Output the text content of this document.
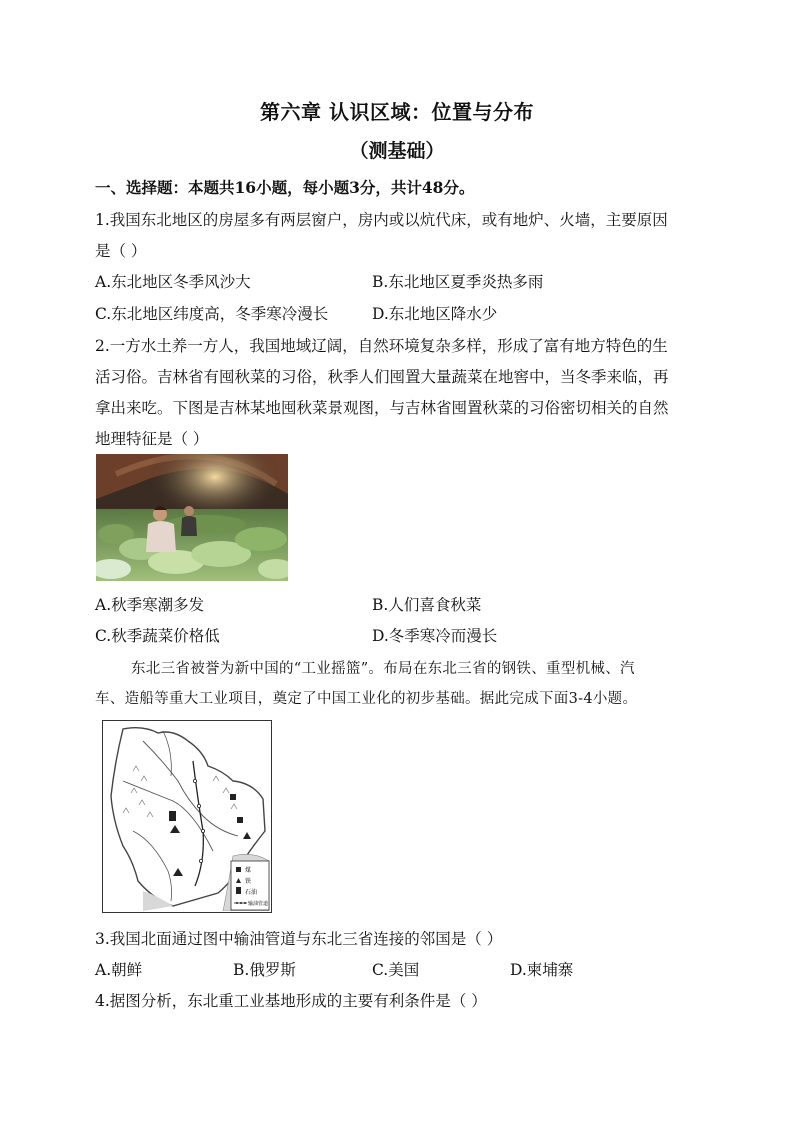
第六章 认识区域：位置与分布
（测基础）
一、选择题：本题共16小题，每小题3分，共计48分。
1.我国东北地区的房屋多有两层窗户，房内或以炕代床，或有地炉、火墙，主要原因
是（ ）
A.东北地区冬季风沙大	B.东北地区夏季炎热多雨
C.东北地区纬度高，冬季寒冷漫长	D.东北地区降水少
2.一方水土养一方人，我国地域辽阔，自然环境复杂多样，形成了富有地方特色的生
活习俗。吉林省有囤秋菜的习俗，秋季人们囤置大量蔬菜在地窖中，当冬季来临，再
拿出来吃。下图是吉林某地囤秋菜景观图，与吉林省囤置秋菜的习俗密切相关的自然
地理特征是（ ）
A.秋季寒潮多发	B.人们喜食秋菜
C.秋季蔬菜价格低	D.冬季寒冷而漫长
东北三省被誉为新中国的“工业摇篮”。布局在东北三省的钢铁、重型机械、汽
车、造船等重大工业项目，奠定了中国工业化的初步基础。据此完成下面3-4小题。
煤
铁
石油
输油管道
3.我国北面通过图中输油管道与东北三省连接的邻国是（ ）
A.朝鲜	B.俄罗斯	C.美国	D.柬埔寨
4.据图分析，东北重工业基地形成的主要有利条件是（ ）
